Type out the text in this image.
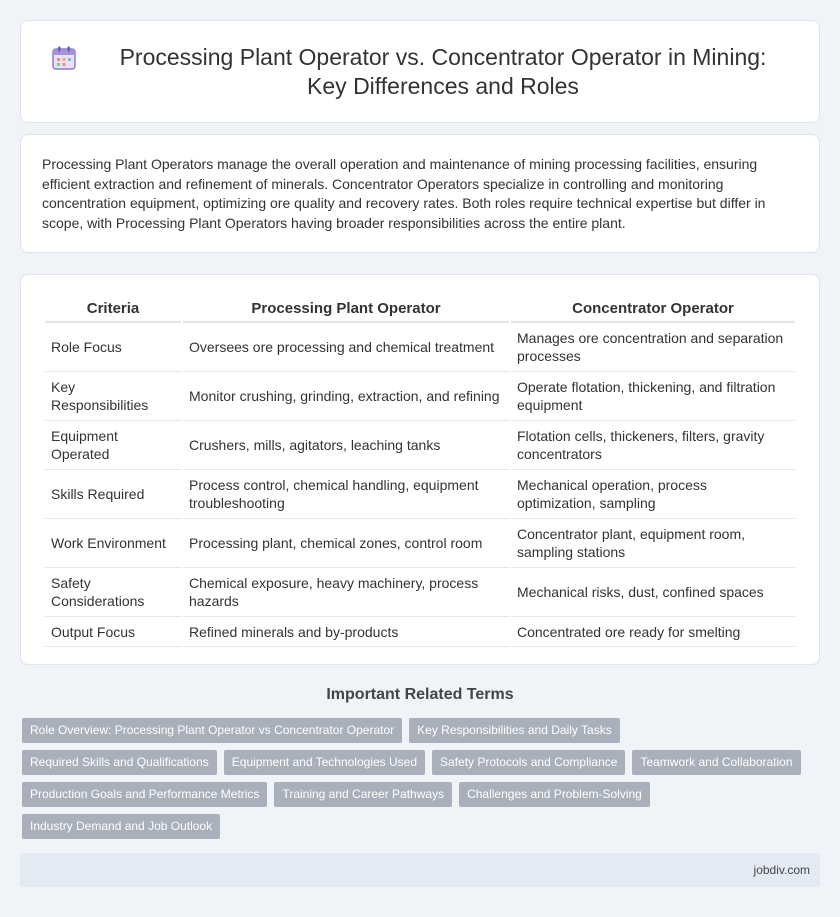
Processing Plant Operator vs. Concentrator Operator in Mining: Key Differences and Roles

Processing Plant Operators manage the overall operation and maintenance of mining processing facilities, ensuring efficient extraction and refinement of minerals. Concentrator Operators specialize in controlling and monitoring concentration equipment, optimizing ore quality and recovery rates. Both roles require technical expertise but differ in scope, with Processing Plant Operators having broader responsibilities across the entire plant.

Criteria	Processing Plant Operator	Concentrator Operator
Role Focus	Oversees ore processing and chemical treatment	Manages ore concentration and separation processes
Key Responsibilities	Monitor crushing, grinding, extraction, and refining	Operate flotation, thickening, and filtration equipment
Equipment Operated	Crushers, mills, agitators, leaching tanks	Flotation cells, thickeners, filters, gravity concentrators
Skills Required	Process control, chemical handling, equipment troubleshooting	Mechanical operation, process optimization, sampling
Work Environment	Processing plant, chemical zones, control room	Concentrator plant, equipment room, sampling stations
Safety Considerations	Chemical exposure, heavy machinery, process hazards	Mechanical risks, dust, confined spaces
Output Focus	Refined minerals and by-products	Concentrated ore ready for smelting
Important Related Terms
Role Overview: Processing Plant Operator vs Concentrator Operator	Key Responsibilities and Daily Tasks
Required Skills and Qualifications	Equipment and Technologies Used	Safety Protocols and Compliance	Teamwork and Collaboration
Production Goals and Performance Metrics	Training and Career Pathways	Challenges and Problem-Solving
Industry Demand and Job Outlook
jobdiv.com
